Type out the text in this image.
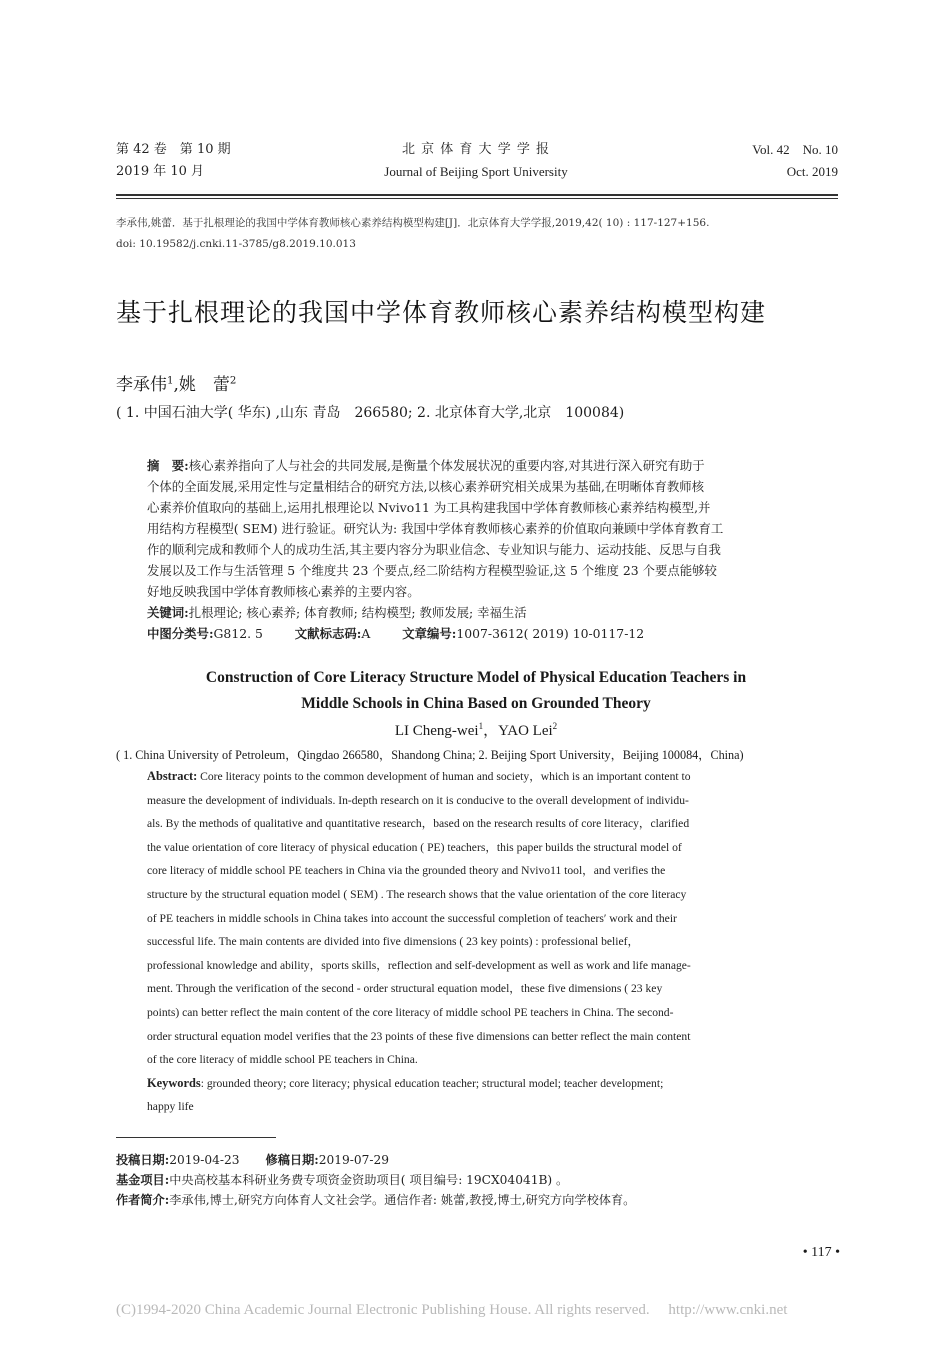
第 42 卷　第 10 期
2019 年 10 月
北 京 体 育 大 学 学 报
Journal of Beijing Sport University
Vol. 42　No. 10
Oct. 2019
李承伟,姚蕾．基于扎根理论的我国中学体育教师核心素养结构模型构建[J]．北京体育大学学报,2019,42( 10) : 117-127+156.
doi: 10.19582/j.cnki.11-3785/g8.2019.10.013
基于扎根理论的我国中学体育教师核心素养结构模型构建
李承伟$^1$,姚　蕾$^2$
( 1. 中国石油大学( 华东) ,山东 青岛　266580; 2. 北京体育大学,北京　100084)
摘　要:核心素养指向了人与社会的共同发展,是衡量个体发展状况的重要内容,对其进行深入研究有助于
个体的全面发展,采用定性与定量相结合的研究方法,以核心素养研究相关成果为基础,在明晰体育教师核
心素养价值取向的基础上,运用扎根理论以 Nvivo11 为工具构建我国中学体育教师核心素养结构模型,并
用结构方程模型( SEM) 进行验证。研究认为: 我国中学体育教师核心素养的价值取向兼顾中学体育教育工
作的顺利完成和教师个人的成功生活,其主要内容分为职业信念、专业知识与能力、运动技能、反思与自我
发展以及工作与生活管理 5 个维度共 23 个要点,经二阶结构方程模型验证,这 5 个维度 23 个要点能够较
好地反映我国中学体育教师核心素养的主要内容。
关键词:扎根理论; 核心素养; 体育教师; 结构模型; 教师发展; 幸福生活
中图分类号:G812. 5	文献标志码:A	文章编号:1007-3612( 2019) 10-0117-12
Construction of Core Literacy Structure Model of Physical Education Teachers in
Middle Schools in China Based on Grounded Theory
LI Cheng-wei$^1$，YAO Lei$^2$
( 1. China University of Petroleum，Qingdao 266580，Shandong China; 2. Beijing Sport University，Beijing 100084，China)
Abstract: Core literacy points to the common development of human and society，which is an important content to
measure the development of individuals. In-depth research on it is conducive to the overall development of individu-
als. By the methods of qualitative and quantitative research，based on the research results of core literacy，clarified
the value orientation of core literacy of physical education ( PE) teachers，this paper builds the structural model of
core literacy of middle school PE teachers in China via the grounded theory and Nvivo11 tool，and verifies the
structure by the structural equation model ( SEM) . The research shows that the value orientation of the core literacy
of PE teachers in middle schools in China takes into account the successful completion of teachers′ work and their
successful life. The main contents are divided into five dimensions ( 23 key points) : professional belief，
professional knowledge and ability，sports skills，reflection and self-development as well as work and life manage-
ment. Through the verification of the second - order structural equation model，these five dimensions ( 23 key
points) can better reflect the main content of the core literacy of middle school PE teachers in China. The second-
order structural equation model verifies that the 23 points of these five dimensions can better reflect the main content
of the core literacy of middle school PE teachers in China.
Keywords: grounded theory; core literacy; physical education teacher; structural model; teacher development;
happy life
投稿日期:2019-04-23 修稿日期:2019-07-29
基金项目:中央高校基本科研业务费专项资金资助项目( 项目编号: 19CX04041B) 。
作者简介:李承伟,博士,研究方向体育人文社会学。通信作者: 姚蕾,教授,博士,研究方向学校体育。
• 117 •
(C)1994-2020 China Academic Journal Electronic Publishing House. All rights reserved.　 http://www.cnki.net
